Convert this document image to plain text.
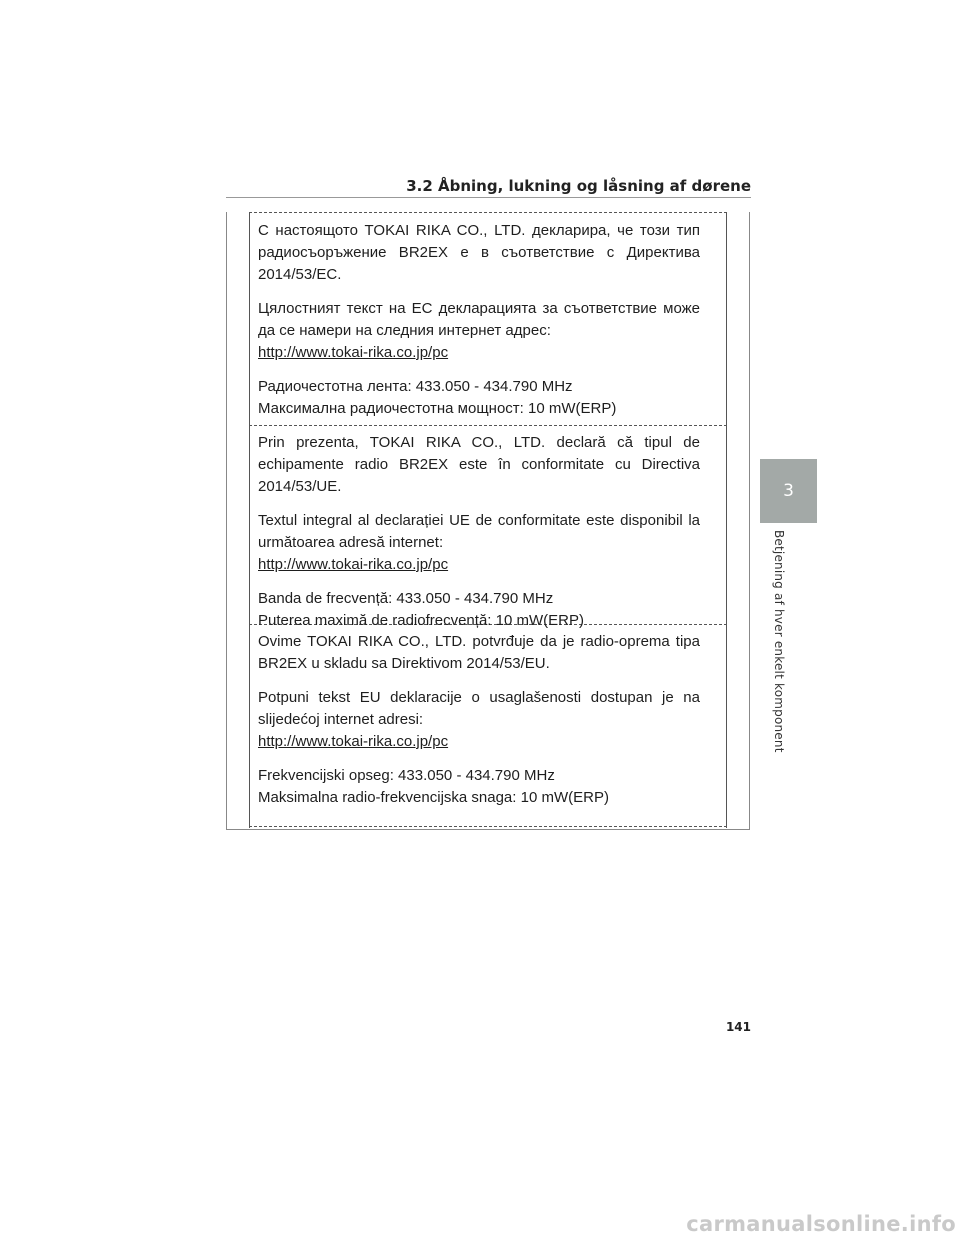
3.2 Åbning, lukning og låsning af dørene
3
Betjening af hver enkelt komponent

С настоящото TOKAI RIKA CO., LTD. декларира, че този тип радиосъоръжение BR2EX е в съответствие с Директива 2014/53/ЕС.

Цялостният текст на ЕС декларацията за съответствие може да се намери на следния интернет адрес:

http://www.tokai-rika.co.jp/pc

Радиочестотна лента: 433.050 - 434.790 MHz

Максимална радиочестотна мощност: 10 mW(ERP)

Prin prezenta, TOKAI RIKA CO., LTD. declară că tipul de echipamente radio BR2EX este în conformitate cu Directiva 2014/53/UE.

Textul integral al declarației UE de conformitate este disponibil la următoarea adresă internet:

http://www.tokai-rika.co.jp/pc

Banda de frecvență: 433.050 - 434.790 MHz

Puterea maximă de radiofrecvență: 10 mW(ERP)

Ovime TOKAI RIKA CO., LTD. potvrđuje da je radio-oprema tipa BR2EX u skladu sa Direktivom 2014/53/EU.

Potpuni tekst EU deklaracije o usaglašenosti dostupan je na slijedećoj internet adresi:

http://www.tokai-rika.co.jp/pc

Frekvencijski opseg: 433.050 - 434.790 MHz

Maksimalna radio-frekvencijska snaga: 10 mW(ERP)

141
carmanualsonline.info
